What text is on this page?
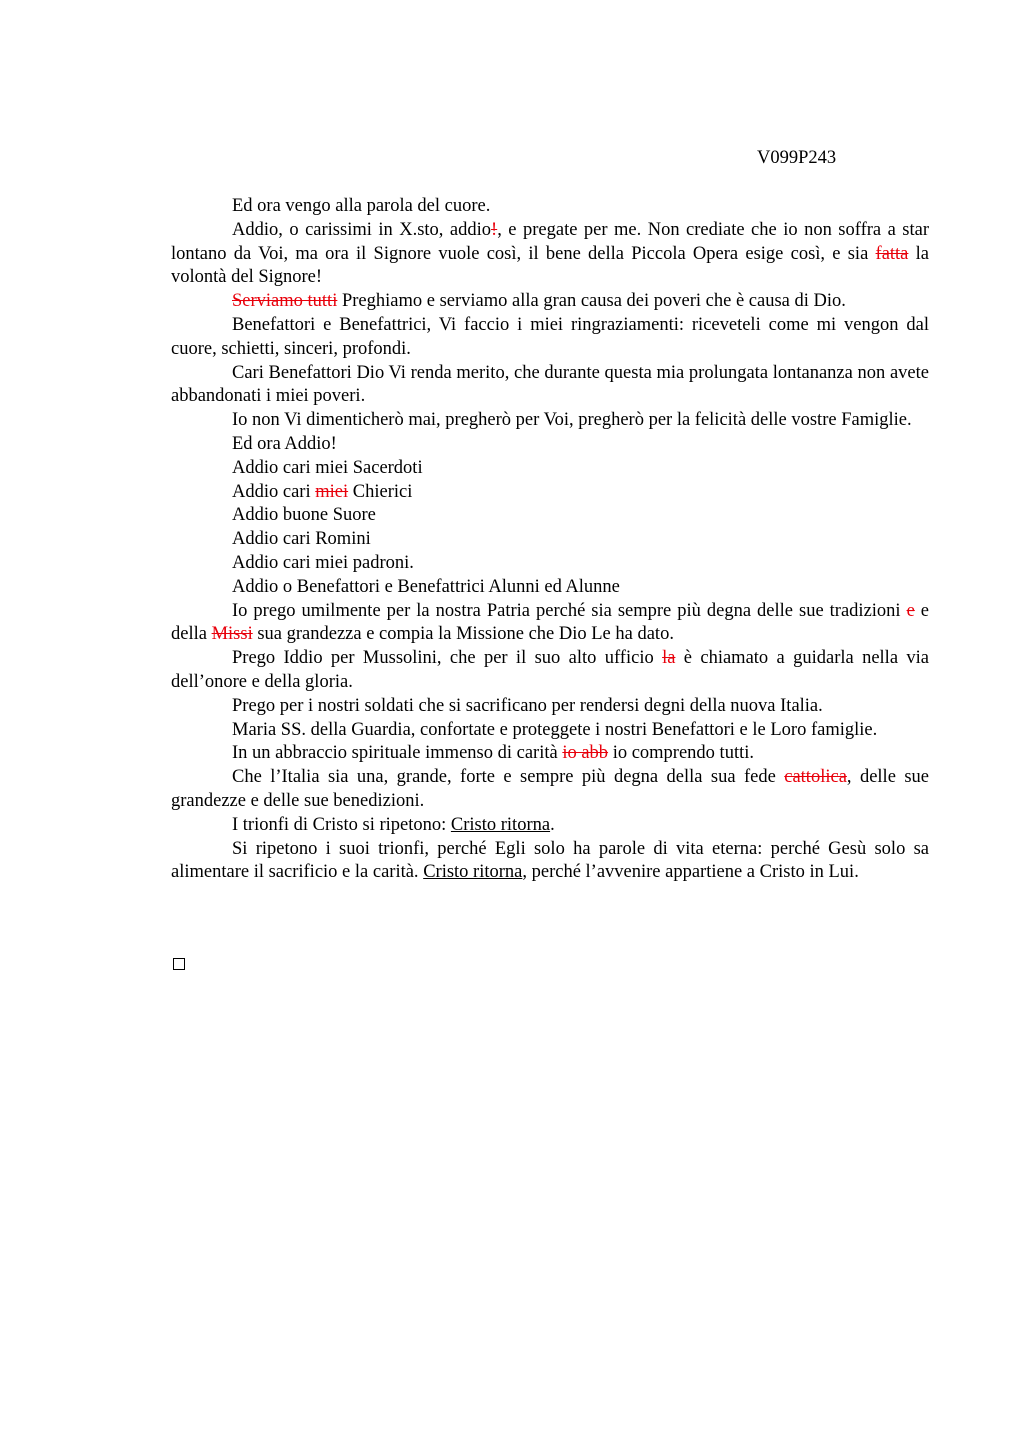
V099P243

Ed ora vengo alla parola del cuore.

Addio, o carissimi in X.sto, addio!, e pregate per me. Non crediate che io non soffra a star lontano da Voi, ma ora il Signore vuole così, il bene della Piccola Opera esige così, e sia fatta la volontà del Signore!

Serviamo tutti Preghiamo e serviamo alla gran causa dei poveri che è causa di Dio.

Benefattori e Benefattrici, Vi faccio i miei ringraziamenti: riceveteli come mi vengon dal cuore, schietti, sinceri, profondi.

Cari Benefattori Dio Vi renda merito, che durante questa mia prolungata lontananza non avete abbandonati i miei poveri.

Io non Vi dimenticherò mai, pregherò per Voi, pregherò per la felicità delle vostre Famiglie.

Ed ora Addio!

Addio cari miei Sacerdoti

Addio cari miei Chierici

Addio buone Suore

Addio cari Romini

Addio cari miei padroni.

Addio o Benefattori e Benefattrici Alunni ed Alunne

Io prego umilmente per la nostra Patria perché sia sempre più degna delle sue tradizioni e e della Missi sua grandezza e compia la Missione che Dio Le ha dato.

Prego Iddio per Mussolini, che per il suo alto ufficio la è chiamato a guidarla nella via dell’onore e della gloria.

Prego per i nostri soldati che si sacrificano per rendersi degni della nuova Italia.

Maria SS. della Guardia, confortate e proteggete i nostri Benefattori e le Loro famiglie.

In un abbraccio spirituale immenso di carità io abb io comprendo tutti.

Che l’Italia sia una, grande, forte e sempre più degna della sua fede cattolica, delle sue grandezze e delle sue benedizioni.

I trionfi di Cristo si ripetono: Cristo ritorna.

Si ripetono i suoi trionfi, perché Egli solo ha parole di vita eterna: perché Gesù solo sa alimentare il sacrificio e la carità. Cristo ritorna, perché l’avvenire appartiene a Cristo in Lui.
